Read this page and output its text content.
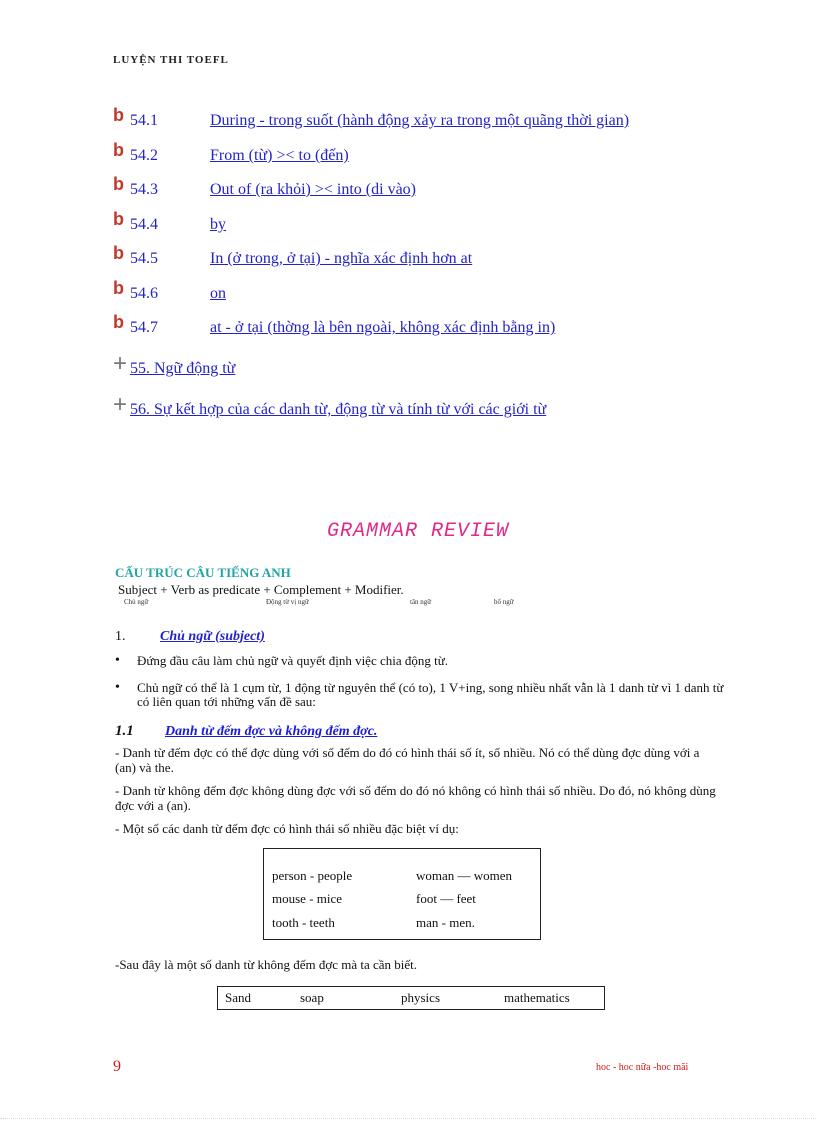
LUYỆN THI TOEFL
b 54.1	During - trong suốt (hành động xảy ra trong một quãng thời gian)
b 54.2	From (từ) >< to (đến)
b 54.3	Out of (ra khỏi) >< into (di vào)
b 54.4	by
b 54.5	In (ở trong, ở tại) - nghĩa xác định hơn at
b 54.6	on
b 54.7	at - ở tại (thờng là bên ngoài, không xác định bằng in)
+ 55. Ngữ động từ
+ 56. Sự kết hợp của các danh từ, động từ và tính từ với các giới từ
GRAMMAR REVIEW
CẤU TRÚC CÂU TIẾNG ANH
Subject + Verb as predicate + Complement + Modifier.
Chủ ngữ	Động từ vị ngữ	tân ngữ	bổ ngữ
1. Chủ ngữ (subject)
• Đứng đầu câu làm chủ ngữ và quyết định việc chia động từ.
• Chủ ngữ có thể là 1 cụm từ, 1 động từ nguyên thể (có to), 1 V+ing, song nhiều nhất vẫn là 1 danh từ vì 1 danh từ có liên quan tới những vấn đề sau:
1.1 Danh từ đếm đợc và không đếm đợc.
- Danh từ đếm đợc có thể đợc dùng với số đếm do đó có hình thái số ít, số nhiều. Nó có thể dùng đợc dùng với a (an) và the.
- Danh từ không đếm đợc không dùng đợc với số đếm do đó nó không có hình thái số nhiều. Do đó, nó không dùng đợc với a (an).
- Một số các danh từ đếm đợc có hình thái số nhiều đặc biệt ví dụ:
person - people	woman — women
mouse - mice	foot — feet
tooth - teeth	man - men.
-Sau đây là một số danh từ không đếm đợc mà ta cần biết.
Sand	soap	physics	mathematics
9	hoc - hoc nữa -hoc mãi
